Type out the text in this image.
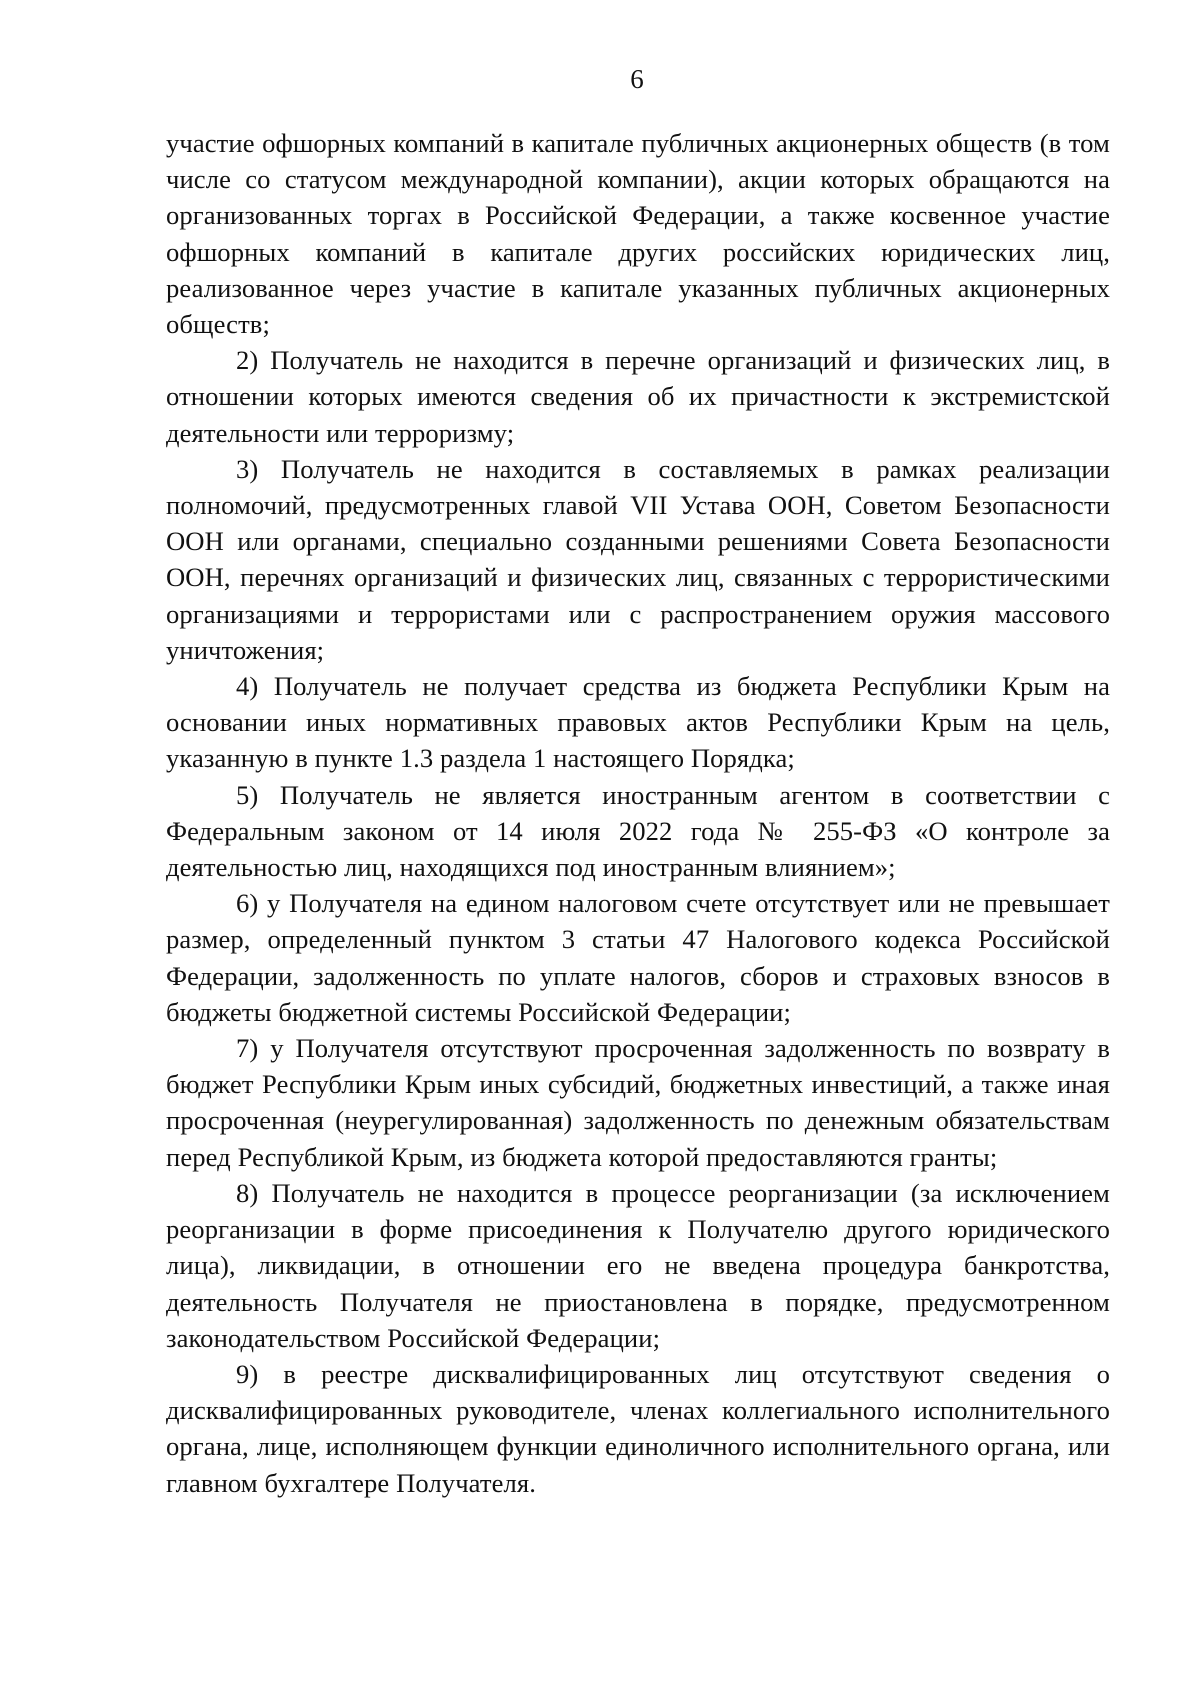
6

участие офшорных компаний в капитале публичных акционерных обществ (в том числе со статусом международной компании), акции которых обращаются на организованных торгах в Российской Федерации, а также косвенное участие офшорных компаний в капитале других российских юридических лиц, реализованное через участие в капитале указанных публичных акционерных обществ;

2) Получатель не находится в перечне организаций и физических лиц, в отношении которых имеются сведения об их причастности к экстремистской деятельности или терроризму;

3) Получатель не находится в составляемых в рамках реализации полномочий, предусмотренных главой VII Устава ООН, Советом Безопасности ООН или органами, специально созданными решениями Совета Безопасности ООН, перечнях организаций и физических лиц, связанных с террористическими организациями и террористами или с распространением оружия массового уничтожения;

4) Получатель не получает средства из бюджета Республики Крым на основании иных нормативных правовых актов Республики Крым на цель, указанную в пункте 1.3 раздела 1 настоящего Порядка;

5) Получатель не является иностранным агентом в соответствии с Федеральным законом от 14 июля 2022 года № 255-ФЗ «О контроле за деятельностью лиц, находящихся под иностранным влиянием»;

6) у Получателя на едином налоговом счете отсутствует или не превышает размер, определенный пунктом 3 статьи 47 Налогового кодекса Российской Федерации, задолженность по уплате налогов, сборов и страховых взносов в бюджеты бюджетной системы Российской Федерации;

7) у Получателя отсутствуют просроченная задолженность по возврату в бюджет Республики Крым иных субсидий, бюджетных инвестиций, а также иная просроченная (неурегулированная) задолженность по денежным обязательствам перед Республикой Крым, из бюджета которой предоставляются гранты;

8) Получатель не находится в процессе реорганизации (за исключением реорганизации в форме присоединения к Получателю другого юридического лица), ликвидации, в отношении его не введена процедура банкротства, деятельность Получателя не приостановлена в порядке, предусмотренном законодательством Российской Федерации;

9) в реестре дисквалифицированных лиц отсутствуют сведения о дисквалифицированных руководителе, членах коллегиального исполнительного органа, лице, исполняющем функции единоличного исполнительного органа, или главном бухгалтере Получателя.
